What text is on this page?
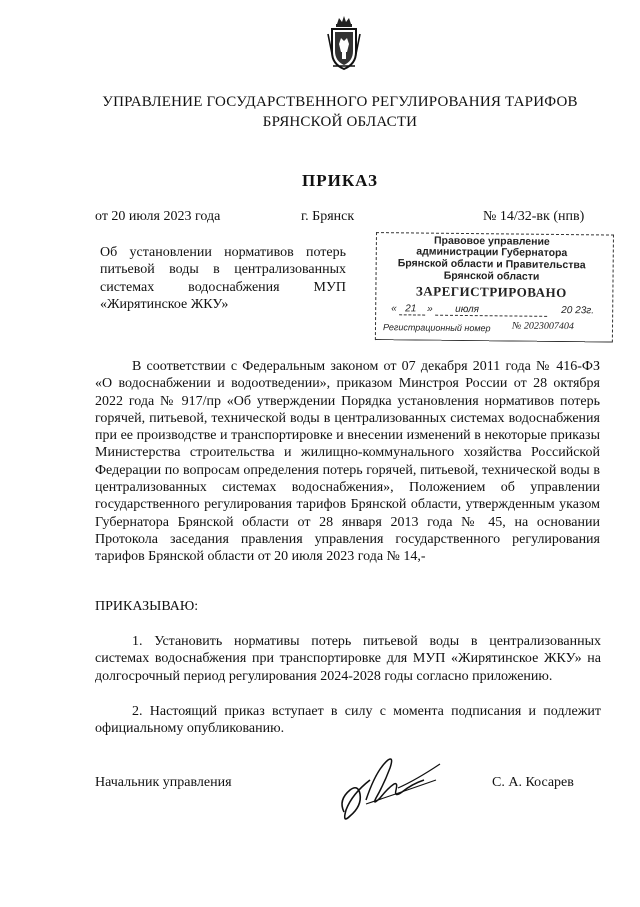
УПРАВЛЕНИЕ ГОСУДАРСТВЕННОГО РЕГУЛИРОВАНИЯ ТАРИФОВ
БРЯНСКОЙ ОБЛАСТИ
ПРИКАЗ
от 20 июля 2023 года	г. Брянск	№ 14/32-вк (нпв)
Об установлении нормативов потерь питьевой воды в централизованных системах водоснабжения МУП «Жирятинское ЖКУ»
Правовое управление
администрации Губернатора
Брянской области и Правительства
Брянской области
ЗАРЕГИСТРИРОВАНО
« 21 » июля	20 23г.
Регистрационный номер № 2023007404
В соответствии с Федеральным законом от 07 декабря 2011 года № 416-ФЗ «О водоснабжении и водоотведении», приказом Минстроя России от 28 октября 2022 года № 917/пр «Об утверждении Порядка установления нормативов потерь горячей, питьевой, технической воды в централизованных системах водоснабжения при ее производстве и транспортировке и внесении изменений в некоторые приказы Министерства строительства и жилищно-коммунального хозяйства Российской Федерации по вопросам определения потерь горячей, питьевой, технической воды в централизованных системах водоснабжения», Положением об управлении государственного регулирования тарифов Брянской области, утвержденным указом Губернатора Брянской области от 28 января 2013 года № 45, на основании Протокола заседания правления управления государственного регулирования тарифов Брянской области от 20 июля 2023 года № 14,-
ПРИКАЗЫВАЮ:
1. Установить нормативы потерь питьевой воды в централизованных системах водоснабжения при транспортировке для МУП «Жирятинское ЖКУ» на долгосрочный период регулирования 2024-2028 годы согласно приложению.
2. Настоящий приказ вступает в силу с момента подписания и подлежит официальному опубликованию.
Начальник управления	С. А. Косарев
